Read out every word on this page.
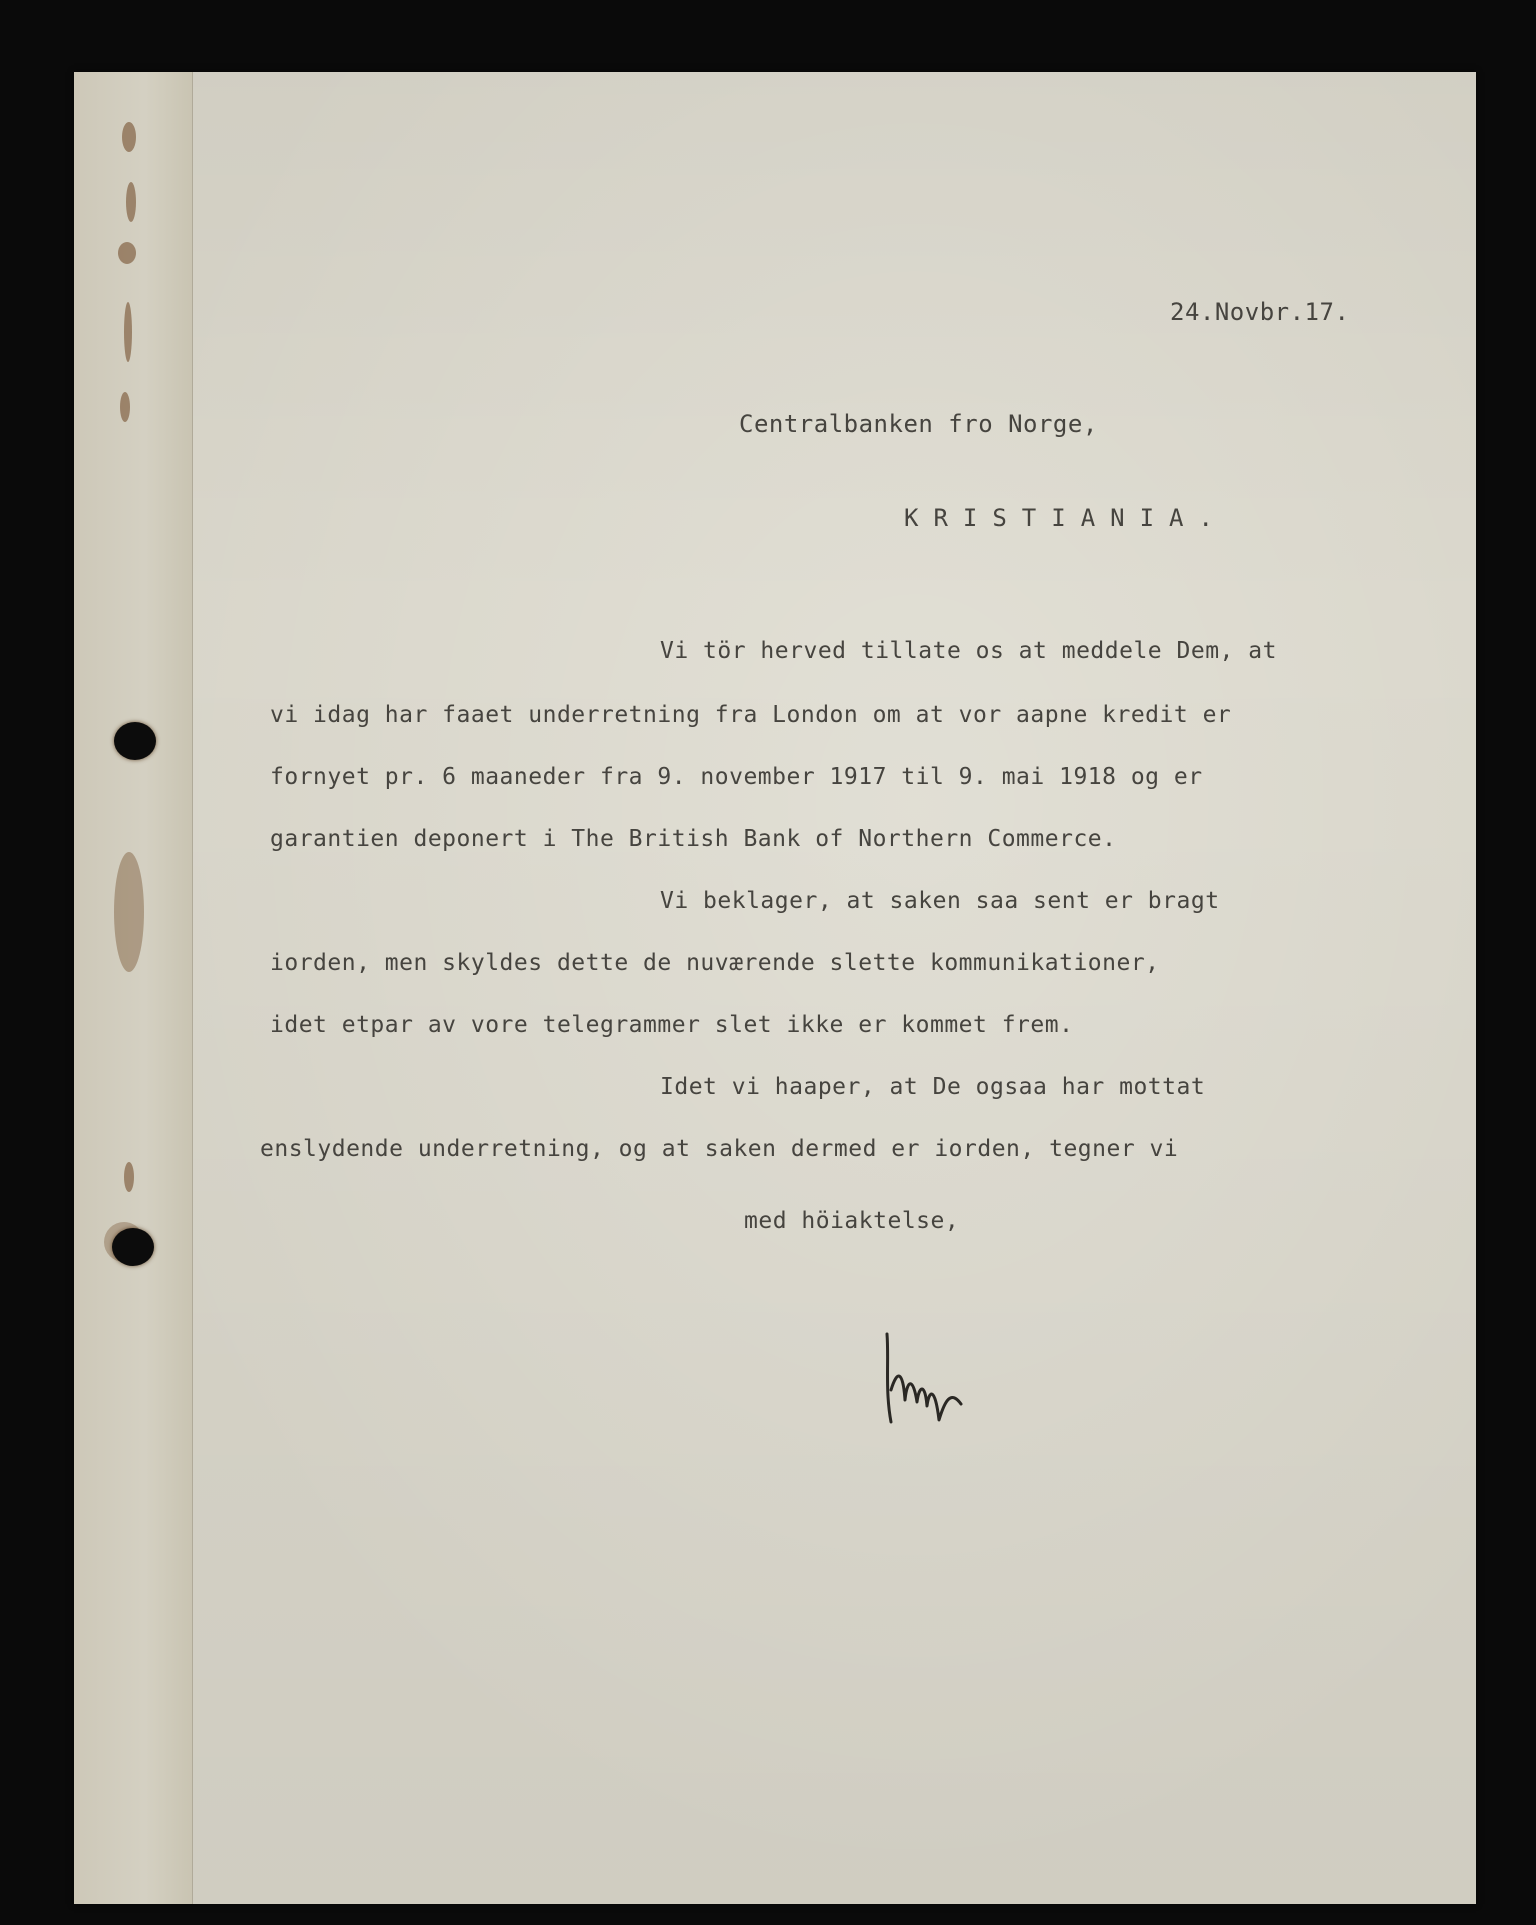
24.Novbr.17.
Centralbanken fro Norge,
KRISTIANIA.
Vi tör herved tillate os at meddele Dem, at
vi idag har faaet underretning fra London om at vor aapne kredit er
fornyet pr. 6 maaneder fra 9. november 1917 til 9. mai 1918 og er
garantien deponert i The British Bank of Northern Commerce.
Vi beklager, at saken saa sent er bragt
iorden, men skyldes dette de nuværende slette kommunikationer,
idet etpar av vore telegrammer slet ikke er kommet frem.
Idet vi haaper, at De ogsaa har mottat
enslydende underretning, og at saken dermed er iorden, tegner vi
med höiaktelse,
